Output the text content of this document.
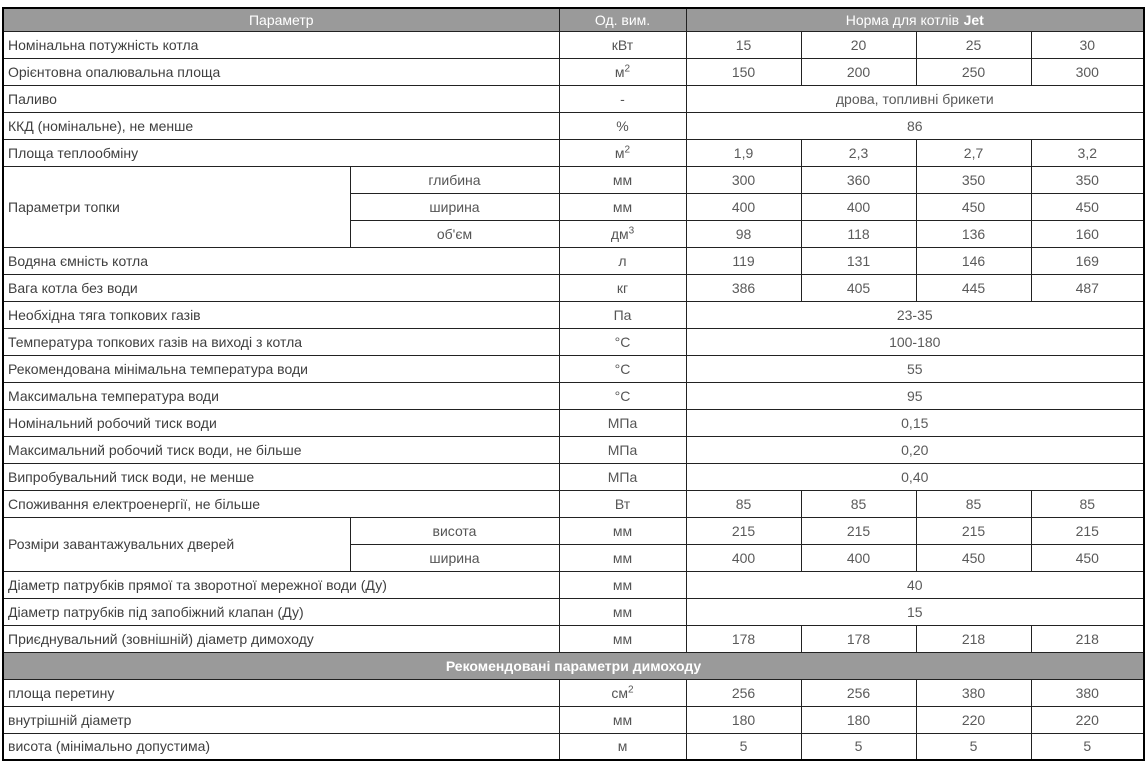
Параметр		Од. вим.	Норма для котлів Jet			
Номінальна потужність котла		кВт	15	20	25	30
Орієнтовна опалювальна площа		$м^2$	150	200	250	300
Паливо		-	дрова, топливні брикети			
ККД (номінальне), не менше		%	86			
Площа теплообміну		$м^2$	1,9	2,3	2,7	3,2
Параметри топки	глибина	мм	300	360	350	350
	ширина	мм	400	400	450	450
	об'єм	$дм^3$	98	118	136	160
Водяна ємність котла		л	119	131	146	169
Вага котла без води		кг	386	405	445	487
Необхідна тяга топкових газів		Па	23-35			
Температура топкових газів на виході з котла		°С	100-180			
Рекомендована мінімальна температура води		°С	55			
Максимальна температура води		°С	95			
Номінальний робочий тиск води		МПа	0,15			
Максимальний робочий тиск води, не більше		МПа	0,20			
Випробувальний тиск води, не менше		МПа	0,40			
Споживання електроенергії, не більше		Вт	85	85	85	85
Розміри завантажувальних дверей	висота	мм	215	215	215	215
	ширина	мм	400	400	450	450
Діаметр патрубків прямої та зворотної мережної води (Ду)		мм	40			
Діаметр патрубків під запобіжний клапан (Ду)		мм	15			
Приєднувальний (зовнішній) діаметр димоходу		мм	178	178	218	218
Рекомендовані параметри димоходу						
площа перетину		$см^2$	256	256	380	380
внутрішній діаметр		мм	180	180	220	220
висота (мінімально допустима)		м	5	5	5	5
